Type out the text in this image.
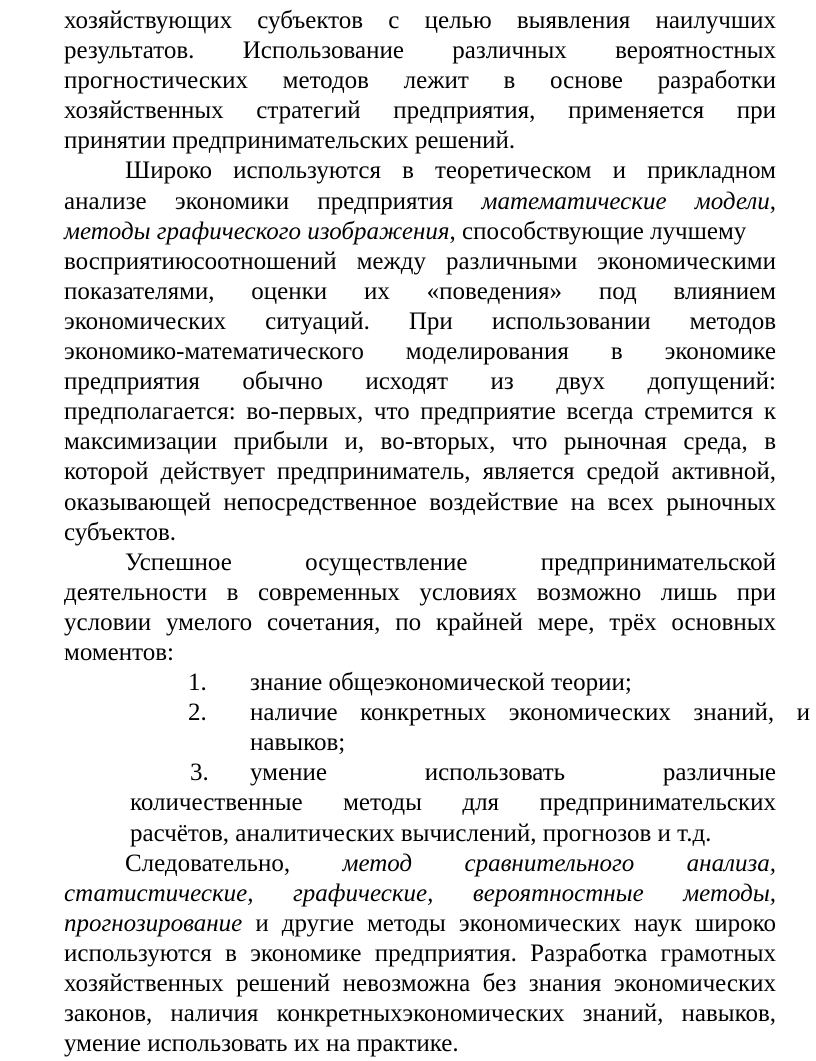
хозяйствующих субъектов с целью выявления наилучших
результатов. Использование различных вероятностных
прогностических методов лежит в основе разработки
хозяйственных стратегий предприятия, применяется при
принятии предпринимательских решений.

Широко используются в теоретическом и прикладном
анализе экономики предприятия математические модели,
методы графического изображения, способствующие лучшему
восприятиюсоотношений между различными экономическими
показателями, оценки их «поведения» под влиянием
экономических ситуаций. При использовании методов
экономико-математического моделирования в экономике
предприятия обычно исходят из двух допущений:
предполагается: во-первых, что предприятие всегда стремится к
максимизации прибыли и, во-вторых, что рыночная среда, в
которой действует предприниматель, является средой активной,
оказывающей непосредственное воздействие на всех рыночных
субъектов.

Успешное осуществление предпринимательской
деятельности в современных условиях возможно лишь при
условии умелого сочетания, по крайней мере, трёх основных
моментов:

1. знание общеэкономической теории;
2. наличие конкретных экономических знаний, и
навыков;
3. умение использовать различные
количественные методы для предпринимательских
расчётов, аналитических вычислений, прогнозов и т.д.

Следовательно, метод сравнительного анализа,
статистические, графические, вероятностные методы,
прогнозирование и другие методы экономических наук широко
используются в экономике предприятия. Разработка грамотных
хозяйственных решений невозможна без знания экономических
законов, наличия конкретныхэкономических знаний, навыков,
умение использовать их на практике.
